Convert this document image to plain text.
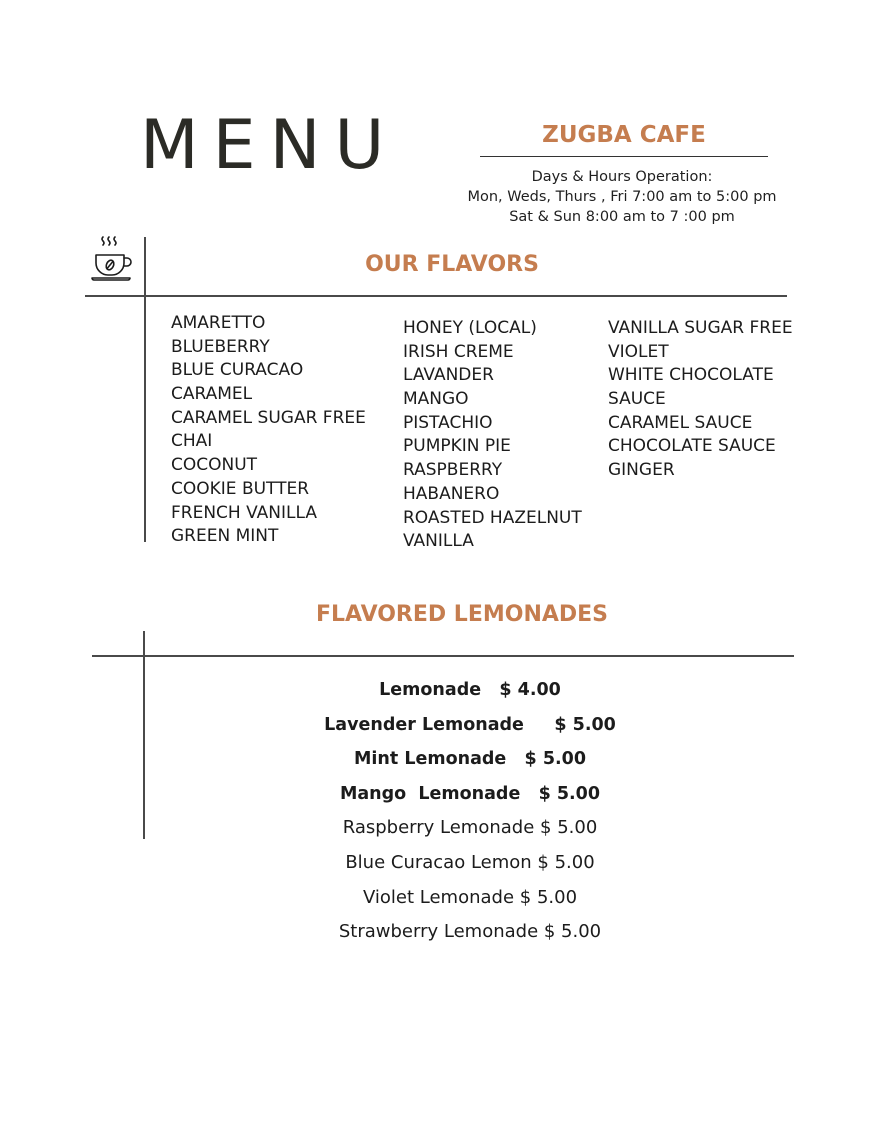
MENU	ZUGBA CAFE
Days & Hours Operation:
Mon, Weds, Thurs , Fri 7:00 am to 5:00 pm
Sat & Sun 8:00 am to 7 :00 pm
OUR FLAVORS
AMARETTO
BLUEBERRY
BLUE CURACAO
CARAMEL
CARAMEL SUGAR FREE
CHAI
COCONUT
COOKIE BUTTER
FRENCH VANILLA
GREEN MINT
HONEY (LOCAL)
IRISH CREME
LAVANDER
MANGO
PISTACHIO
PUMPKIN PIE
RASPBERRY
HABANERO
ROASTED HAZELNUT
VANILLA
VANILLA SUGAR FREE
VIOLET
WHITE CHOCOLATE
SAUCE
CARAMEL SAUCE
CHOCOLATE SAUCE
GINGER
FLAVORED LEMONADES
Lemonade   $ 4.00
Lavender Lemonade     $ 5.00
Mint Lemonade   $ 5.00
Mango  Lemonade   $ 5.00
Raspberry Lemonade $ 5.00
Blue Curacao Lemon $ 5.00
Violet Lemonade $ 5.00
Strawberry Lemonade $ 5.00
